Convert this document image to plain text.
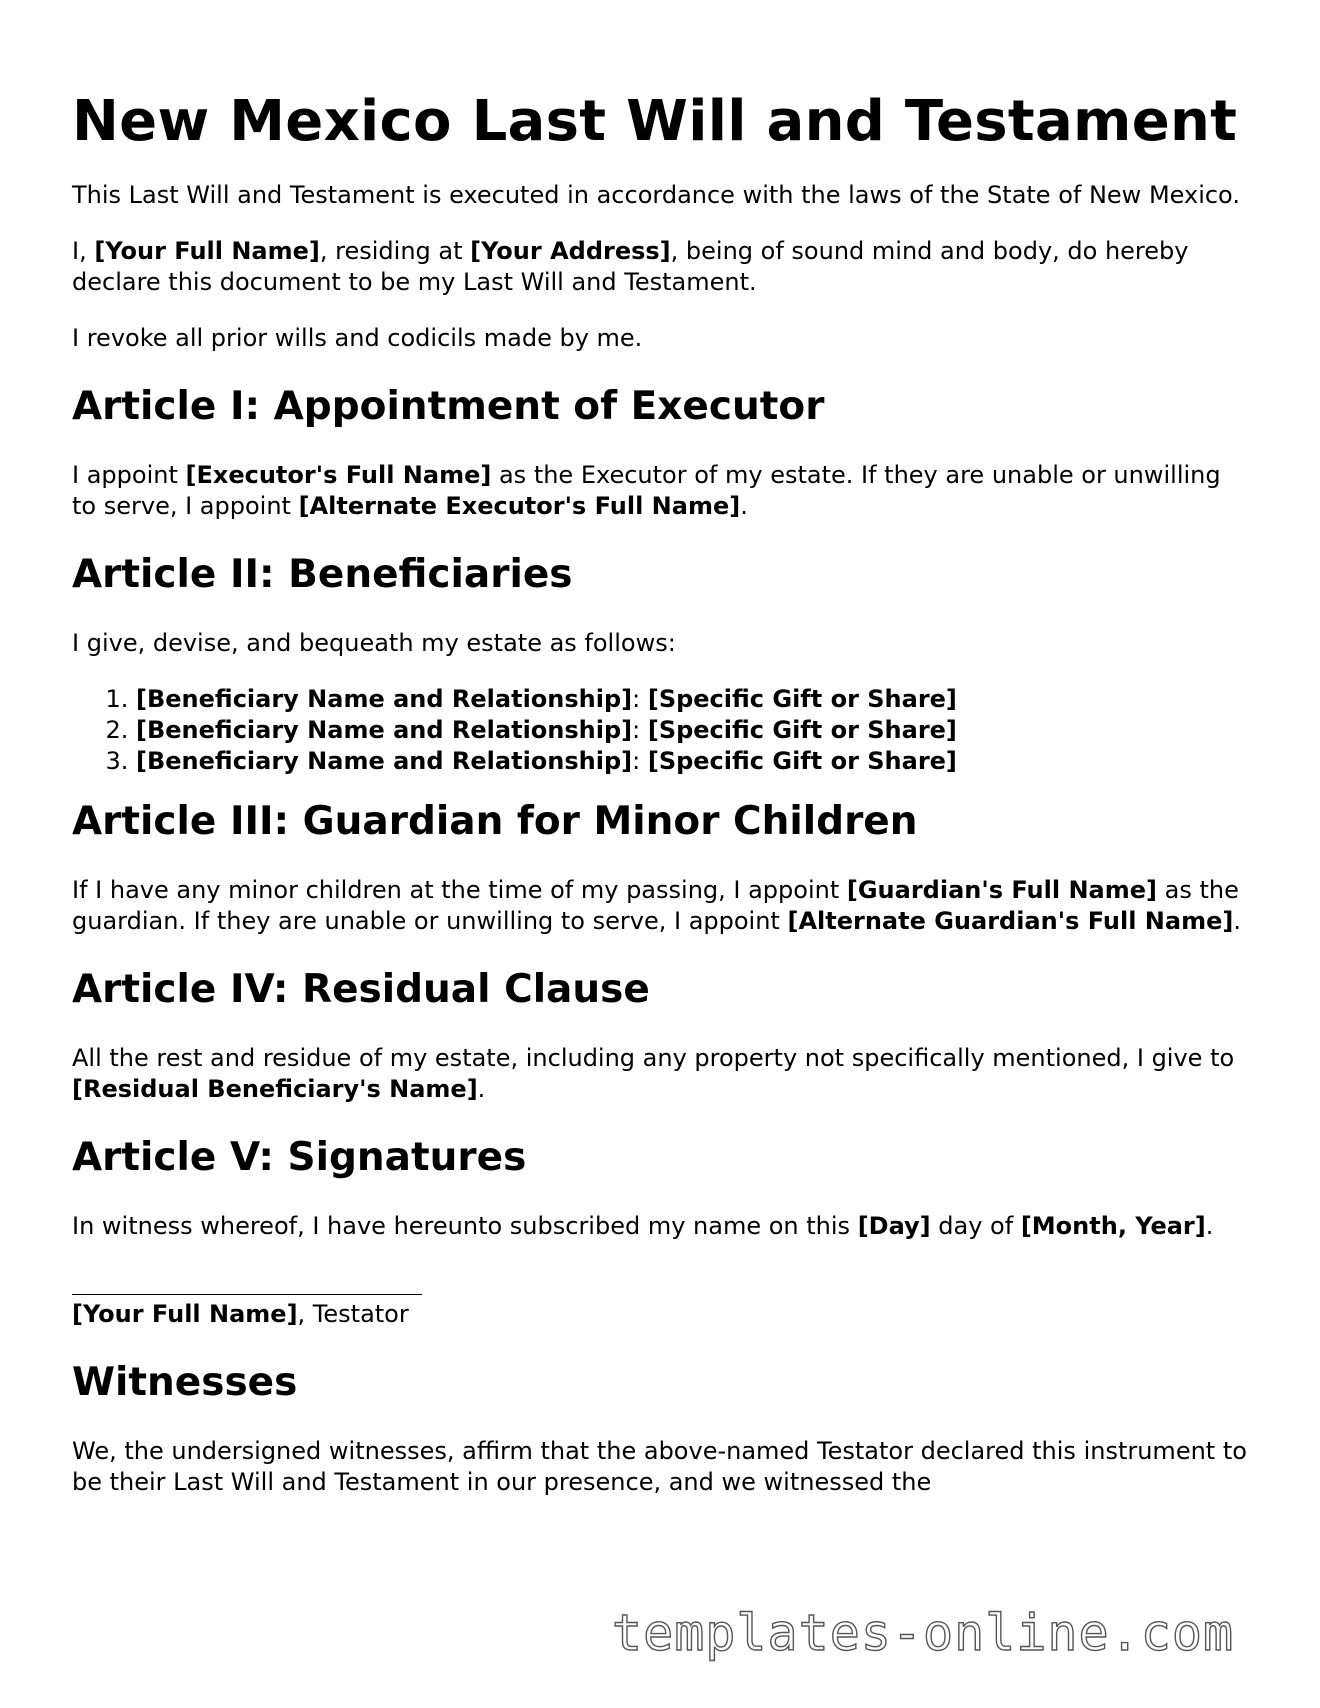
New Mexico Last Will and Testament

This Last Will and Testament is executed in accordance with the laws of the State of New Mexico.

I, [Your Full Name], residing at [Your Address], being of sound mind and body, do hereby declare this document to be my Last Will and Testament.

I revoke all prior wills and codicils made by me.

Article I: Appointment of Executor

I appoint [Executor's Full Name] as the Executor of my estate. If they are unable or unwilling to serve, I appoint [Alternate Executor's Full Name].

Article II: Beneficiaries

I give, devise, and bequeath my estate as follows:

1. [Beneficiary Name and Relationship]: [Specific Gift or Share]
2. [Beneficiary Name and Relationship]: [Specific Gift or Share]
3. [Beneficiary Name and Relationship]: [Specific Gift or Share]
Article III: Guardian for Minor Children

If I have any minor children at the time of my passing, I appoint [Guardian's Full Name] as the guardian. If they are unable or unwilling to serve, I appoint [Alternate Guardian's Full Name].

Article IV: Residual Clause

All the rest and residue of my estate, including any property not specifically mentioned, I give to [Residual Beneficiary's Name].

Article V: Signatures

In witness whereof, I have hereunto subscribed my name on this [Day] day of [Month, Year].

[Your Full Name], Testator

Witnesses

We, the undersigned witnesses, affirm that the above-named Testator declared this instrument to be their Last Will and Testament in our presence, and we witnessed the

templates-online.com
